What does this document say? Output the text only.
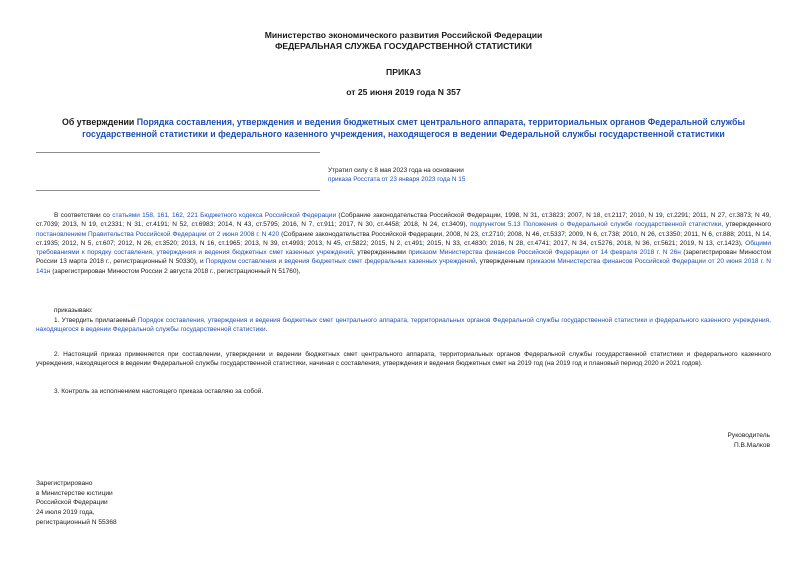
Министерство экономического развития Российской Федерации
ФЕДЕРАЛЬНАЯ СЛУЖБА ГОСУДАРСТВЕННОЙ СТАТИСТИКИ
ПРИКАЗ
от 25 июня 2019 года N 357
Об утверждении Порядка составления, утверждения и ведения бюджетных смет центрального аппарата, территориальных органов Федеральной службы государственной статистики и федерального казенного учреждения, находящегося в ведении Федеральной службы государственной статистики
Утратил силу с 8 мая 2023 года на основании
приказа Росстата от 23 января 2023 года N 15
В соответствии со статьями 158, 161, 162, 221 Бюджетного кодекса Российской Федерации (Собрание законодательства Российской Федерации, 1998, N 31, ст.3823; 2007, N 18, ст.2117; 2010, N 19, ст.2291; 2011, N 27, ст.3873; N 49, ст.7039; 2013, N 19, ст.2331; N 31, ст.4191; N 52, ст.6983; 2014, N 43, ст.5795; 2016, N 7, ст.911; 2017, N 30, ст.4458; 2018, N 24, ст.3409), подпунктом 5.13 Положения о Федеральной службе государственной статистики, утвержденного постановлением Правительства Российской Федерации от 2 июня 2008 г. N 420 (Собрание законодательства Российской Федерации, 2008, N 23, ст.2710; 2008, N 46, ст.5337; 2009, N 6, ст.738; 2010, N 26, ст.3350; 2011, N 6, ст.888; 2011, N 14, ст.1935; 2012, N 5, ст.607; 2012, N 26, ст.3520; 2013, N 16, ст.1965; 2013, N 39, ст.4993; 2013, N 45, ст.5822; 2015, N 2, ст.491; 2015, N 33, ст.4830; 2016, N 28, ст.4741; 2017, N 34, ст.5276, 2018, N 36, ст.5621; 2019, N 13, ст.1423), Общими требованиями к порядку составления, утверждения и ведения бюджетных смет казенных учреждений, утвержденными приказом Министерства финансов Российской Федерации от 14 февраля 2018 г. N 26н (зарегистрирован Минюстом России 13 марта 2018 г., регистрационный N 50330), и Порядком составления и ведения бюджетных смет федеральных казенных учреждений, утвержденным приказом Министерства финансов Российской Федерации от 20 июня 2018 г. N 141н (зарегистрирован Минюстом России 2 августа 2018 г., регистрационный N 51760),
приказываю:
1. Утвердить прилагаемый Порядок составления, утверждения и ведения бюджетных смет центрального аппарата, территориальных органов Федеральной службы государственной статистики и федерального казенного учреждения, находящегося в ведении Федеральной службы государственной статистики.
2. Настоящий приказ применяется при составлении, утверждении и ведении бюджетных смет центрального аппарата, территориальных органов Федеральной службы государственной статистики и федерального казенного учреждения, находящегося в ведении Федеральной службы государственной статистики, начиная с составления, утверждения и ведения бюджетных смет на 2019 год (на 2019 год и плановый период 2020 и 2021 годов).
3. Контроль за исполнением настоящего приказа оставляю за собой.
Руководитель
П.В.Малков
Зарегистрировано
в Министерстве юстиции
Российской Федерации
24 июля 2019 года,
регистрационный N 55368
